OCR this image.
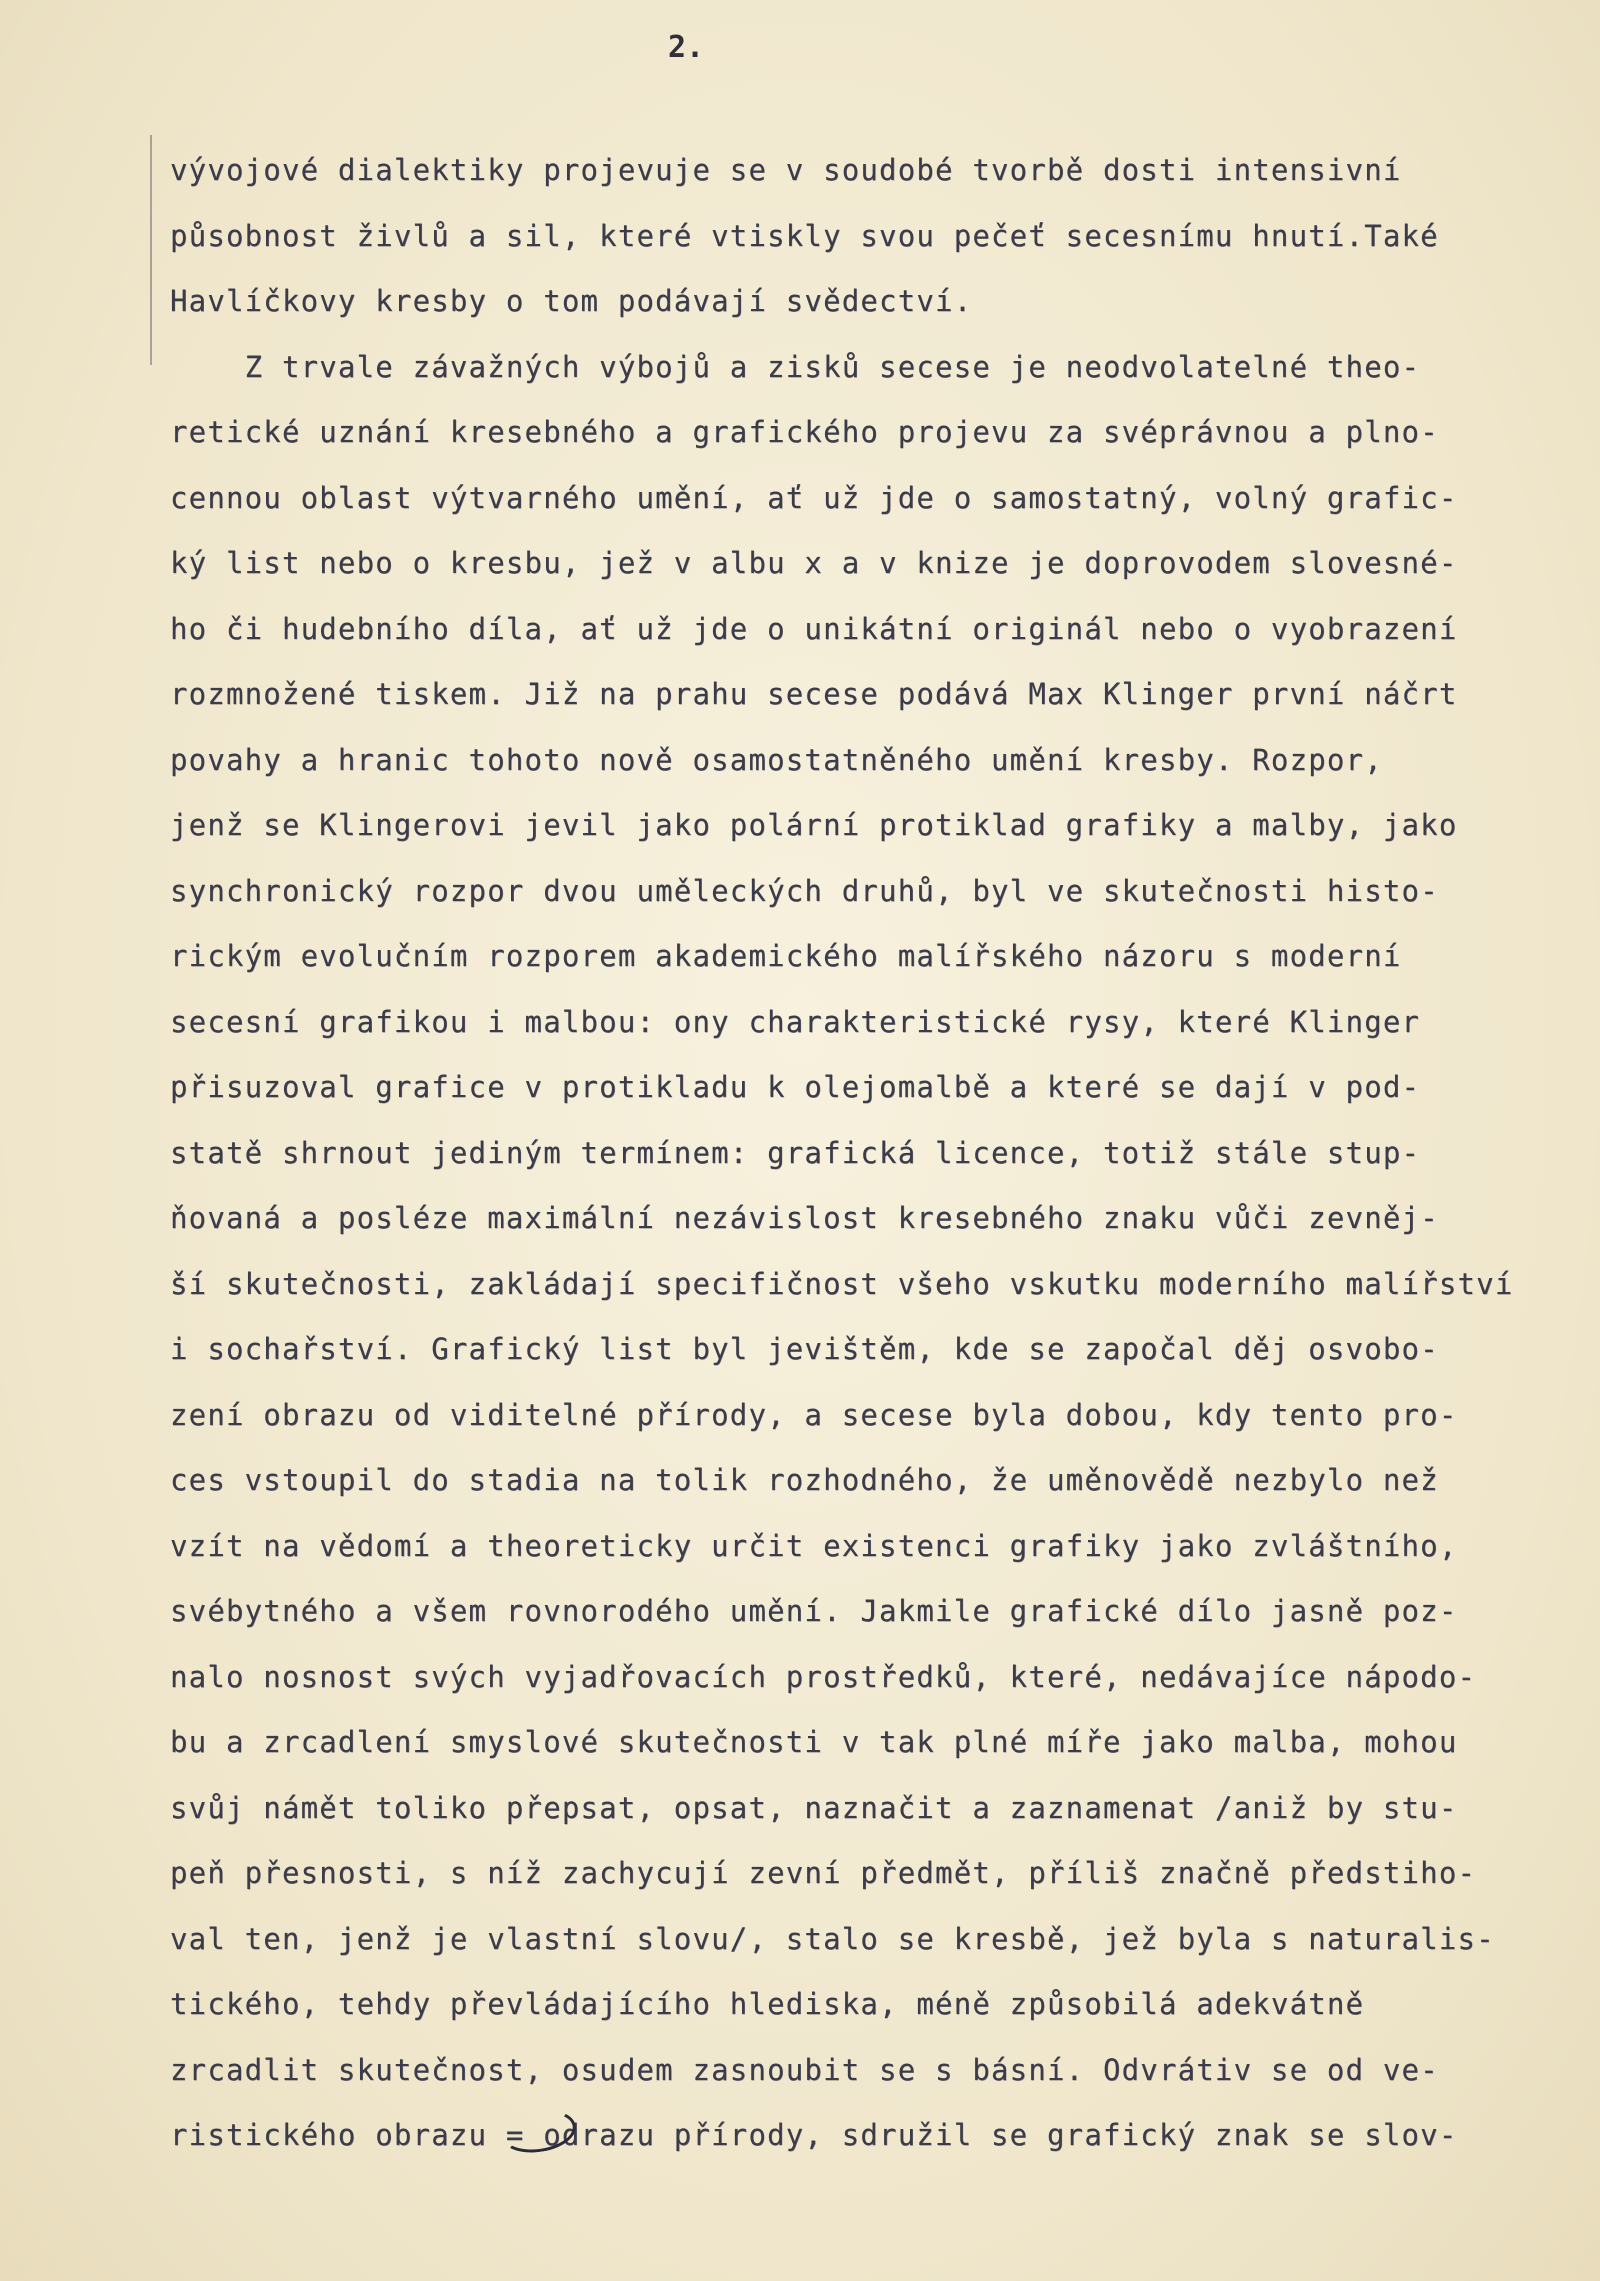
2.
vývojové dialektiky projevuje se v soudobé tvorbě dosti intensivní
působnost živlů a sil, které vtiskly svou pečeť secesnímu hnutí.Také
Havlíčkovy kresby o tom podávají svědectví.
Z trvale závažných výbojů a zisků secese je neodvolatelné theo-
retické uznání kresebného a grafického projevu za svéprávnou a plno-
cennou oblast výtvarného umění, ať už jde o samostatný, volný grafic-
ký list nebo o kresbu, jež v albu x a v knize je doprovodem slovesné-
ho či hudebního díla, ať už jde o unikátní originál nebo o vyobrazení
rozmnožené tiskem. Již na prahu secese podává Max Klinger první náčrt
povahy a hranic tohoto nově osamostatněného umění kresby. Rozpor,
jenž se Klingerovi jevil jako polární protiklad grafiky a malby, jako
synchronický rozpor dvou uměleckých druhů, byl ve skutečnosti histo-
rickým evolučním rozporem akademického malířského názoru s moderní
secesní grafikou i malbou: ony charakteristické rysy, které Klinger
přisuzoval grafice v protikladu k olejomalbě a které se dají v pod-
statě shrnout jediným termínem: grafická licence, totiž stále stup-
ňovaná a posléze maximální nezávislost kresebného znaku vůči zevněj-
ší skutečnosti, zakládají specifičnost všeho vskutku moderního malířství
i sochařství. Grafický list byl jevištěm, kde se započal děj osvobo-
zení obrazu od viditelné přírody, a secese byla dobou, kdy tento pro-
ces vstoupil do stadia na tolik rozhodného, že uměnovědě nezbylo než
vzít na vědomí a theoreticky určit existenci grafiky jako zvláštního,
svébytného a všem rovnorodého umění. Jakmile grafické dílo jasně poz-
nalo nosnost svých vyjadřovacích prostředků, které, nedávajíce nápodo-
bu a zrcadlení smyslové skutečnosti v tak plné míře jako malba, mohou
svůj námět toliko přepsat, opsat, naznačit a zaznamenat /aniž by stu-
peň přesnosti, s níž zachycují zevní předmět, příliš značně předstiho-
val ten, jenž je vlastní slovu/, stalo se kresbě, jež byla s naturalis-
tického, tehdy převládajícího hlediska, méně způsobilá adekvátně
zrcadlit skutečnost, osudem zasnoubit se s básní. Odvrátiv se od ve-
ristického obrazu = odrazu přírody, sdružil se grafický znak se slov-
